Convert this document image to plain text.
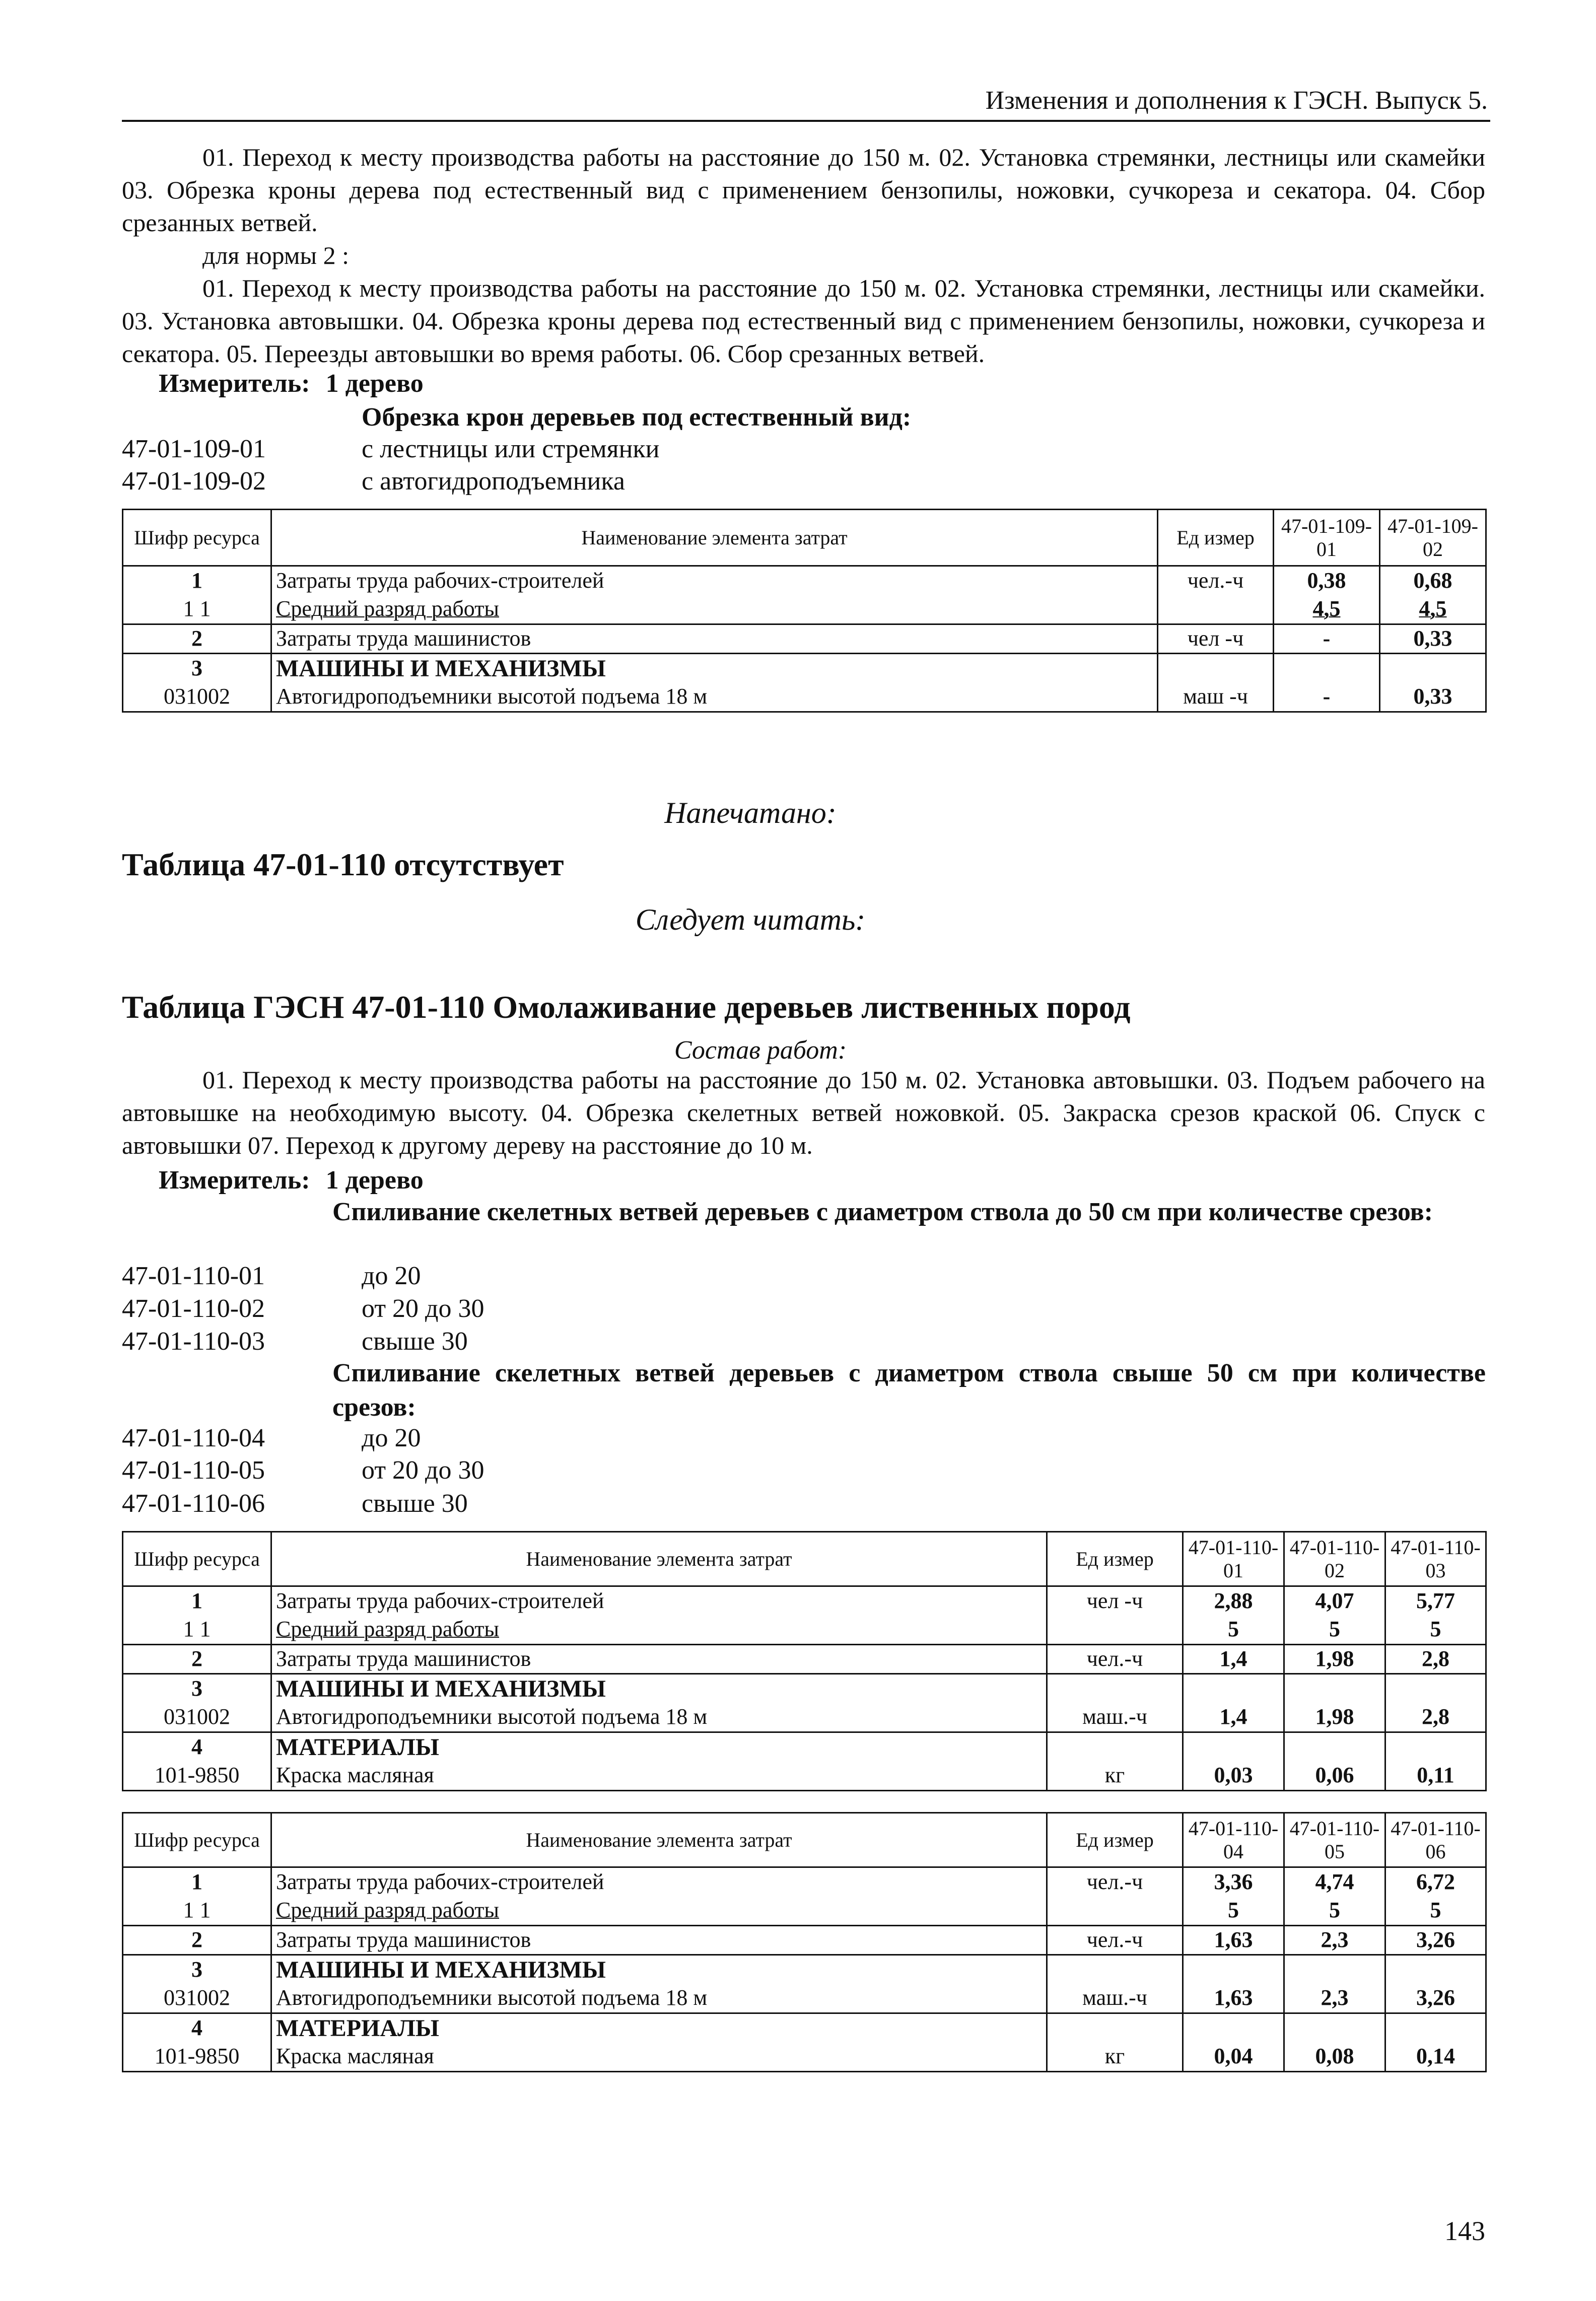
Изменения и дополнения к ГЭСН. Выпуск 5.

01. Переход к месту производства работы на расстояние до 150 м. 02. Установка стремянки, лестницы или скамейки 03. Обрезка кроны дерева под естественный вид с применением бензопилы, ножовки, сучкореза и секатора. 04. Сбор срезанных ветвей.

для нормы 2 :

01. Переход к месту производства работы на расстояние до 150 м. 02. Установка стремянки, лестницы или скамейки. 03. Установка автовышки. 04. Обрезка кроны дерева под естественный вид с применением бензопилы, ножовки, сучкореза и секатора. 05. Переезды автовышки во время работы. 06. Сбор срезанных ветвей.

Измеритель: 1 дерево
Обрезка крон деревьев под естественный вид:
47-01-109-01	с лестницы или стремянки
47-01-109-02	с автогидроподъемника
Шифр ресурса	Наименование элемента затрат	Ед измер	47-01-109-01	47-01-109-02
1	Затраты труда рабочих-строителей	чел.-ч	0,38	0,68
1 1	Средний разряд работы		4,5	4,5
2	Затраты труда машинистов	чел -ч	-	0,33
3	МАШИНЫ И МЕХАНИЗМЫ			
031002	Автогидроподъемники высотой подъема 18 м	маш -ч	-	0,33
Напечатано:
Таблица 47-01-110 отсутствует
Следует читать:
Таблица ГЭСН 47-01-110 Омолаживание деревьев лиственных пород
Состав работ:

01. Переход к месту производства работы на расстояние до 150 м. 02. Установка автовышки. 03. Подъем рабочего на автовышке на необходимую высоту. 04. Обрезка скелетных ветвей ножовкой. 05. Закраска срезов краской 06. Спуск с автовышки 07. Переход к другому дереву на расстояние до 10 м.

Измеритель: 1 дерево
Спиливание скелетных ветвей деревьев с диаметром ствола до 50 см при количестве срезов:
47-01-110-01	до 20
47-01-110-02	от 20 до 30
47-01-110-03	свыше 30
Спиливание скелетных ветвей деревьев с диаметром ствола свыше 50 см при количестве срезов:
47-01-110-04	до 20
47-01-110-05	от 20 до 30
47-01-110-06	свыше 30
Шифр ресурса	Наименование элемента затрат	Ед измер	47-01-110-01	47-01-110-02	47-01-110-03
1	Затраты труда рабочих-строителей	чел -ч	2,88	4,07	5,77
1 1	Средний разряд работы		5	5	5
2	Затраты труда машинистов	чел.-ч	1,4	1,98	2,8
3	МАШИНЫ И МЕХАНИЗМЫ				
031002	Автогидроподъемники высотой подъема 18 м	маш.-ч	1,4	1,98	2,8
4	МАТЕРИАЛЫ				
101-9850	Краска масляная	кг	0,03	0,06	0,11
Шифр ресурса	Наименование элемента затрат	Ед измер	47-01-110-04	47-01-110-05	47-01-110-06
1	Затраты труда рабочих-строителей	чел.-ч	3,36	4,74	6,72
1 1	Средний разряд работы		5	5	5
2	Затраты труда машинистов	чел.-ч	1,63	2,3	3,26
3	МАШИНЫ И МЕХАНИЗМЫ				
031002	Автогидроподъемники высотой подъема 18 м	маш.-ч	1,63	2,3	3,26
4	МАТЕРИАЛЫ				
101-9850	Краска масляная	кг	0,04	0,08	0,14
143
